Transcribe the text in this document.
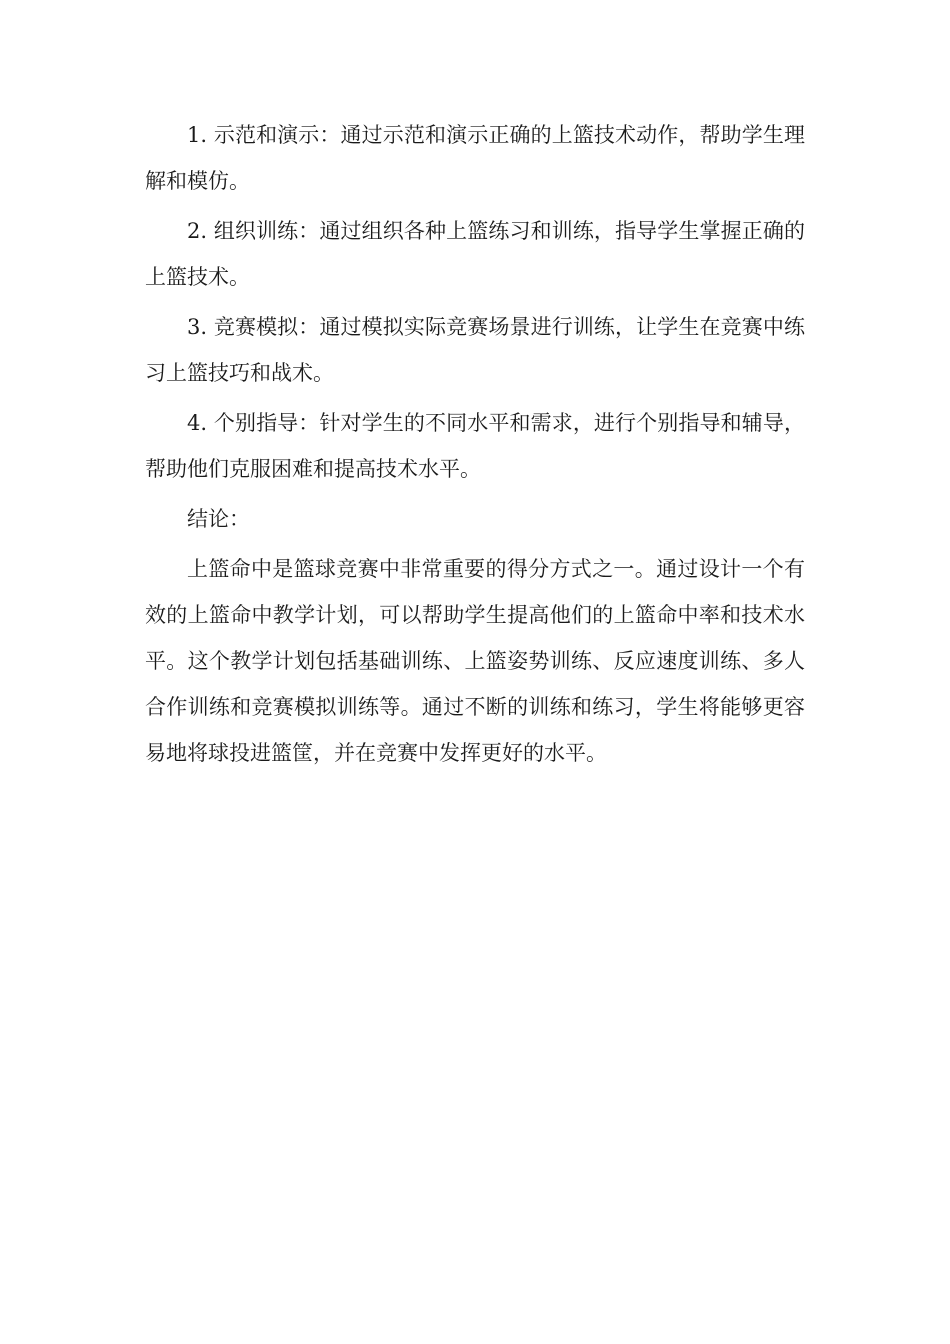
1. 示范和演示：通过示范和演示正确的上篮技术动作，帮助学生理解和模仿。

2. 组织训练：通过组织各种上篮练习和训练，指导学生掌握正确的上篮技术。

3. 竞赛模拟：通过模拟实际竞赛场景进行训练，让学生在竞赛中练习上篮技巧和战术。

4. 个别指导：针对学生的不同水平和需求，进行个别指导和辅导，帮助他们克服困难和提高技术水平。

结论：

上篮命中是篮球竞赛中非常重要的得分方式之一。通过设计一个有效的上篮命中教学计划，可以帮助学生提高他们的上篮命中率和技术水平。这个教学计划包括基础训练、上篮姿势训练、反应速度训练、多人合作训练和竞赛模拟训练等。通过不断的训练和练习，学生将能够更容易地将球投进篮筐，并在竞赛中发挥更好的水平。
